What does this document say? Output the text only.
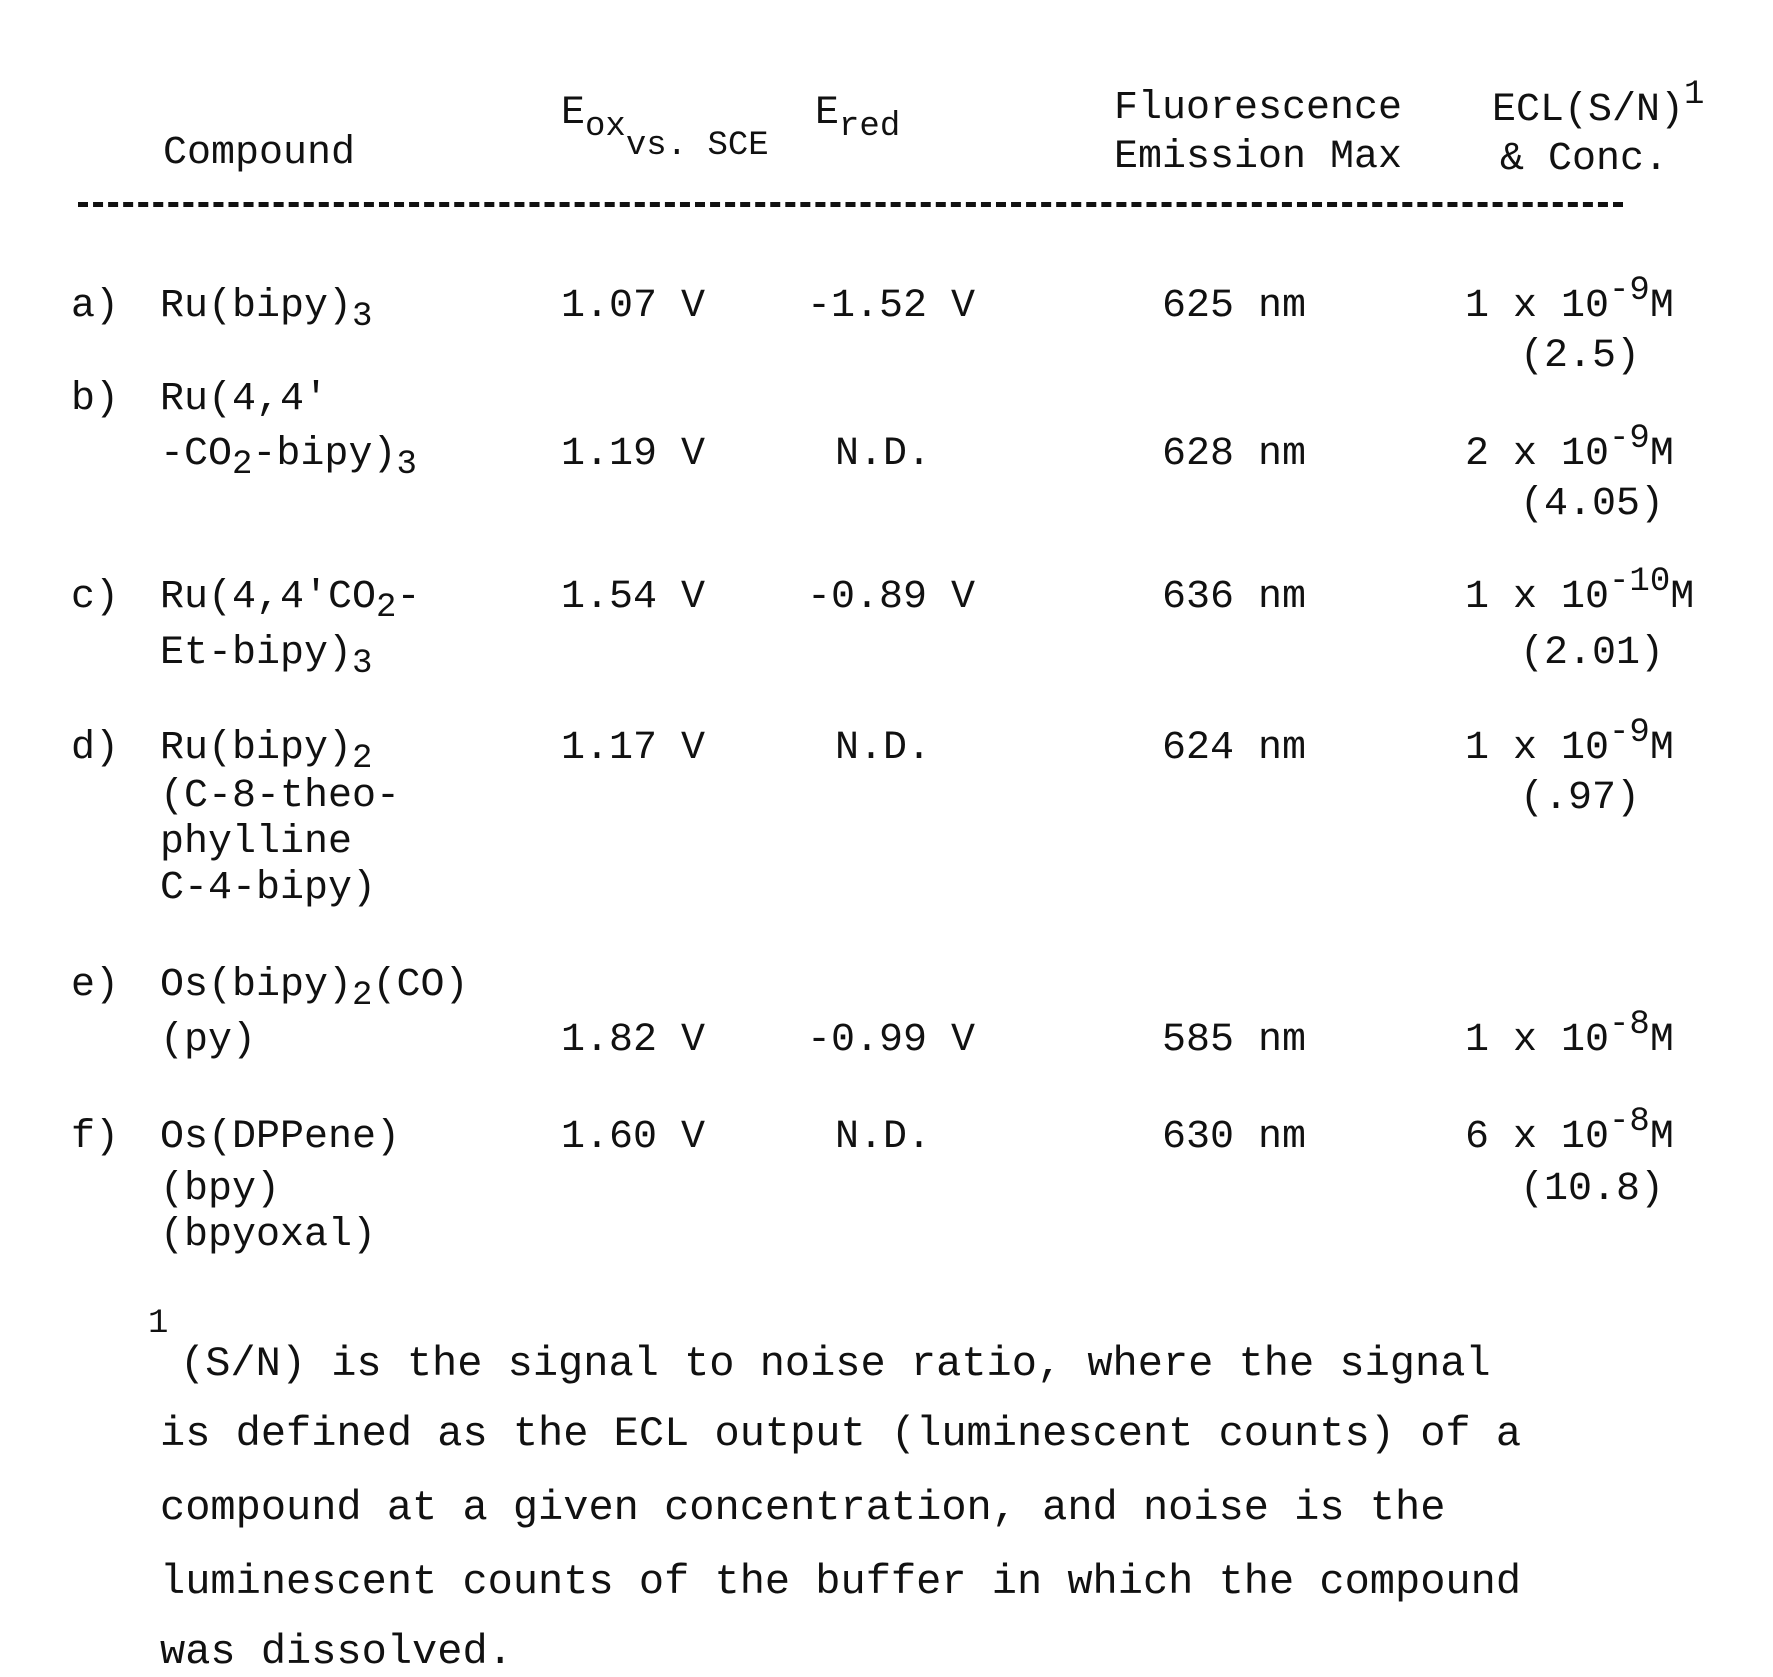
Compound
Eoxvs. SCE
Ered	Fluorescence
Emission Max
ECL(S/N)1
& Conc.
a) Ru(bipy)3	1.07 V	-1.52 V	625 nm	1 x 10-9M
(2.5)
b) Ru(4,4'
-CO2-bipy)3	1.19 V	N.D.	628 nm	2 x 10-9M
(4.05)
c) Ru(4,4'CO2-
Et-bipy)3
1.54 V	-0.89 V	636 nm	1 x 10-10M
(2.01)
d) Ru(bipy)2
(C-8-theo-
phylline
C-4-bipy)
1.17 V	N.D.	624 nm	1 x 10-9M
(.97)
e) Os(bipy)2(CO)
(py)	1.82 V	-0.99 V	585 nm	1 x 10-8M
f) Os(DPPene)
(bpy)
(bpyoxal)
1.60 V	N.D.	630 nm	6 x 10-8M
(10.8)
1
(S/N) is the signal to noise ratio, where the signal
is defined as the ECL output (luminescent counts) of a
compound at a given concentration, and noise is the
luminescent counts of the buffer in which the compound
was dissolved.
